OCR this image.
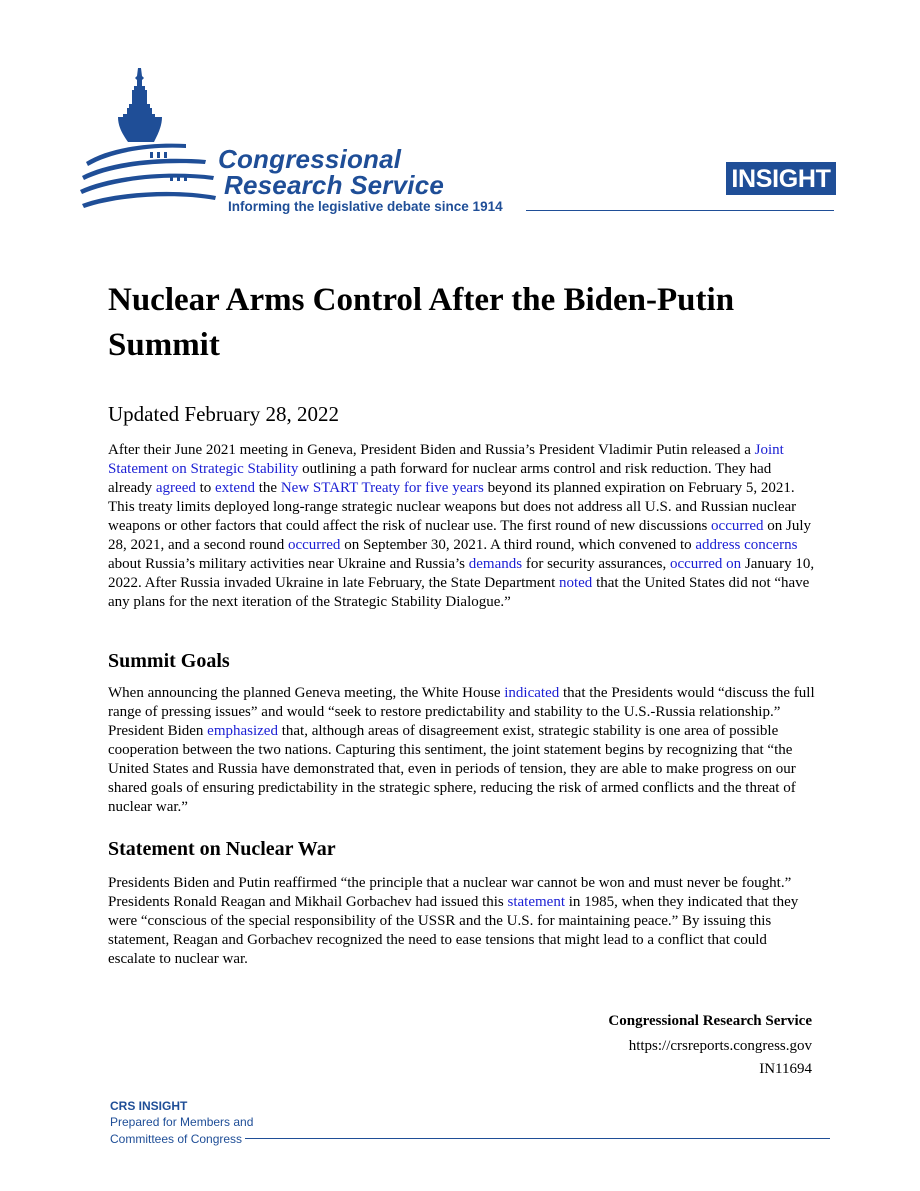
Congressional
Research Service
Informing the legislative debate since 1914
INSIGHT
Nuclear Arms Control After the Biden-Putin Summit
Updated February 28, 2022

After their June 2021 meeting in Geneva, President Biden and Russia’s President Vladimir Putin released a Joint Statement on Strategic Stability outlining a path forward for nuclear arms control and risk reduction. They had already agreed to extend the New START Treaty for five years beyond its planned expiration on February 5, 2021. This treaty limits deployed long-range strategic nuclear weapons but does not address all U.S. and Russian nuclear weapons or other factors that could affect the risk of nuclear use. The first round of new discussions occurred on July 28, 2021, and a second round occurred on September 30, 2021. A third round, which convened to address concerns about Russia’s military activities near Ukraine and Russia’s demands for security assurances, occurred on January 10, 2022. After Russia invaded Ukraine in late February, the State Department noted that the United States did not “have any plans for the next iteration of the Strategic Stability Dialogue.”

Summit Goals

When announcing the planned Geneva meeting, the White House indicated that the Presidents would “discuss the full range of pressing issues” and would “seek to restore predictability and stability to the U.S.-Russia relationship.” President Biden emphasized that, although areas of disagreement exist, strategic stability is one area of possible cooperation between the two nations. Capturing this sentiment, the joint statement begins by recognizing that “the United States and Russia have demonstrated that, even in periods of tension, they are able to make progress on our shared goals of ensuring predictability in the strategic sphere, reducing the risk of armed conflicts and the threat of nuclear war.”

Statement on Nuclear War

Presidents Biden and Putin reaffirmed “the principle that a nuclear war cannot be won and must never be fought.” Presidents Ronald Reagan and Mikhail Gorbachev had issued this statement in 1985, when they indicated that they were “conscious of the special responsibility of the USSR and the U.S. for maintaining peace.” By issuing this statement, Reagan and Gorbachev recognized the need to ease tensions that might lead to a conflict that could escalate to nuclear war.

Congressional Research Service
https://crsreports.congress.gov
IN11694
CRS INSIGHT
Prepared for Members and
Committees of Congress
